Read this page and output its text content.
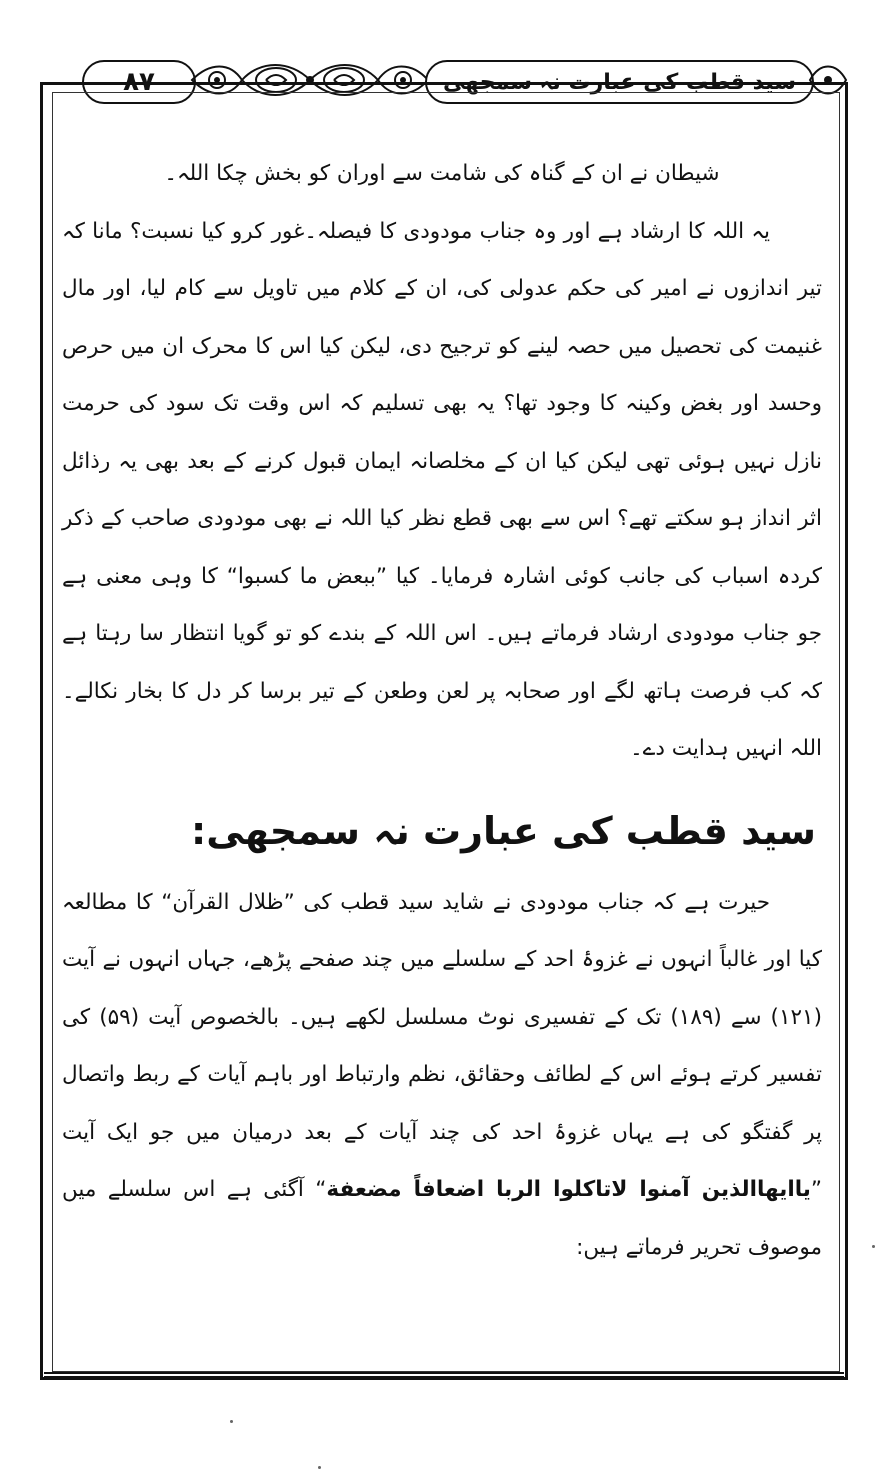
۸۷	سید قطب کی عبارت نہ سمجھی

شیطان نے ان کے گناہ کی شامت سے اوران کو بخش چکا اللہ۔

یہ اللہ کا ارشاد ہے اور وہ جناب مودودی کا فیصلہ۔غور کرو کیا نسبت؟ مانا کہ تیر اندازوں نے امیر کی حکم عدولی کی، ان کے کلام میں تاویل سے کام لیا، اور مال غنیمت کی تحصیل میں حصہ لینے کو ترجیح دی، لیکن کیا اس کا محرک ان میں حرص وحسد اور بغض وکینہ کا وجود تھا؟ یہ بھی تسلیم کہ اس وقت تک سود کی حرمت نازل نہیں ہوئی تھی لیکن کیا ان کے مخلصانہ ایمان قبول کرنے کے بعد بھی یہ رذائل اثر انداز ہو سکتے تھے؟ اس سے بھی قطع نظر کیا اللہ نے بھی مودودی صاحب کے ذکر کردہ اسباب کی جانب کوئی اشارہ فرمایا۔ کیا ”ببعض ما کسبوا“ کا وہی معنی ہے جو جناب مودودی ارشاد فرماتے ہیں۔ اس اللہ کے بندے کو تو گویا انتظار سا رہتا ہے کہ کب فرصت ہاتھ لگے اور صحابہ پر لعن وطعن کے تیر برسا کر دل کا بخار نکالے۔ اللہ انہیں ہدایت دے۔

سید قطب کی عبارت نہ سمجھی:

حیرت ہے کہ جناب مودودی نے شاید سید قطب کی ”ظلال القرآن“ کا مطالعہ کیا اور غالباً انہوں نے غزوۂ احد کے سلسلے میں چند صفحے پڑھے، جہاں انہوں نے آیت (۱۲۱) سے (۱۸۹) تک کے تفسیری نوٹ مسلسل لکھے ہیں۔ بالخصوص آیت (۵۹) کی تفسیر کرتے ہوئے اس کے لطائف وحقائق، نظم وارتباط اور باہم آیات کے ربط واتصال پر گفتگو کی ہے یہاں غزوۂ احد کی چند آیات کے بعد درمیان میں جو ایک آیت ”یاایھاالذین آمنوا لاتاکلوا الربا اضعافاً مضعفة“ آگئی ہے اس سلسلے میں موصوف تحریر فرماتے ہیں:
